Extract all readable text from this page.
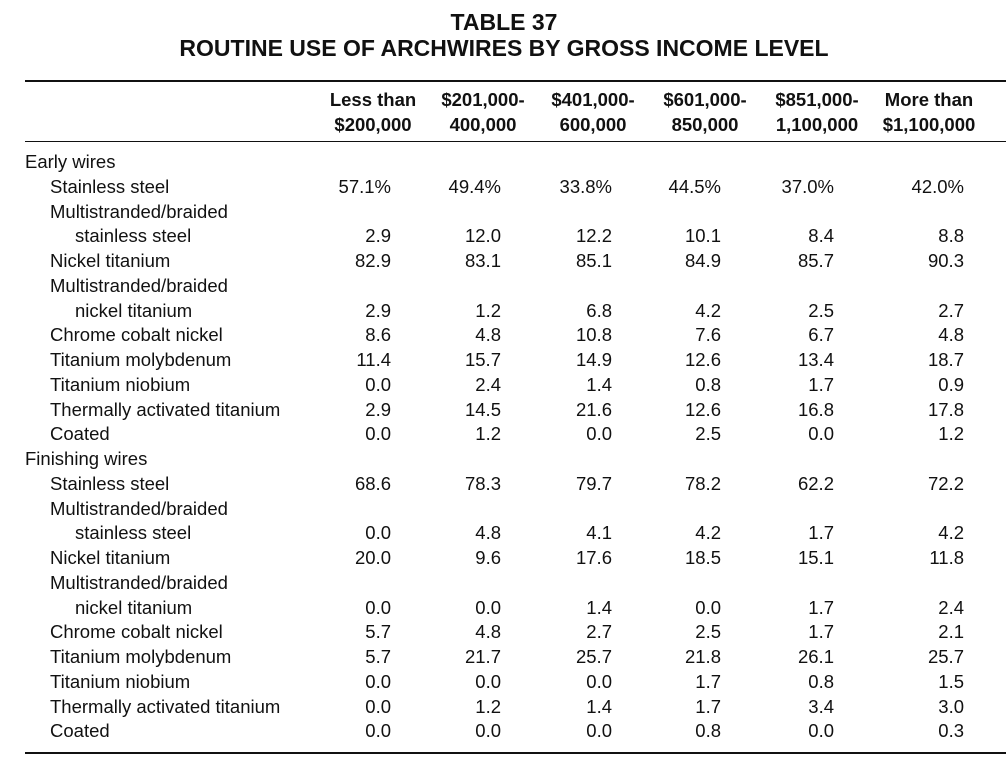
TABLE 37
ROUTINE USE OF ARCHWIRES BY GROSS INCOME LEVEL
Less than
$200,000
$201,000-
400,000
$401,000-
600,000
$601,000-
850,000
$851,000-
1,100,000
More than
$1,100,000
Early wires
Stainless steel	57.1%	49.4%	33.8%	44.5%	37.0%	42.0%
Multistranded/braided
stainless steel	2.9	12.0	12.2	10.1	8.4	8.8
Nickel titanium	82.9	83.1	85.1	84.9	85.7	90.3
Multistranded/braided
nickel titanium	2.9	1.2	6.8	4.2	2.5	2.7
Chrome cobalt nickel	8.6	4.8	10.8	7.6	6.7	4.8
Titanium molybdenum	11.4	15.7	14.9	12.6	13.4	18.7
Titanium niobium	0.0	2.4	1.4	0.8	1.7	0.9
Thermally activated titanium	2.9	14.5	21.6	12.6	16.8	17.8
Coated	0.0	1.2	0.0	2.5	0.0	1.2
Finishing wires
Stainless steel	68.6	78.3	79.7	78.2	62.2	72.2
Multistranded/braided
stainless steel	0.0	4.8	4.1	4.2	1.7	4.2
Nickel titanium	20.0	9.6	17.6	18.5	15.1	11.8
Multistranded/braided
nickel titanium	0.0	0.0	1.4	0.0	1.7	2.4
Chrome cobalt nickel	5.7	4.8	2.7	2.5	1.7	2.1
Titanium molybdenum	5.7	21.7	25.7	21.8	26.1	25.7
Titanium niobium	0.0	0.0	0.0	1.7	0.8	1.5
Thermally activated titanium	0.0	1.2	1.4	1.7	3.4	3.0
Coated	0.0	0.0	0.0	0.8	0.0	0.3
